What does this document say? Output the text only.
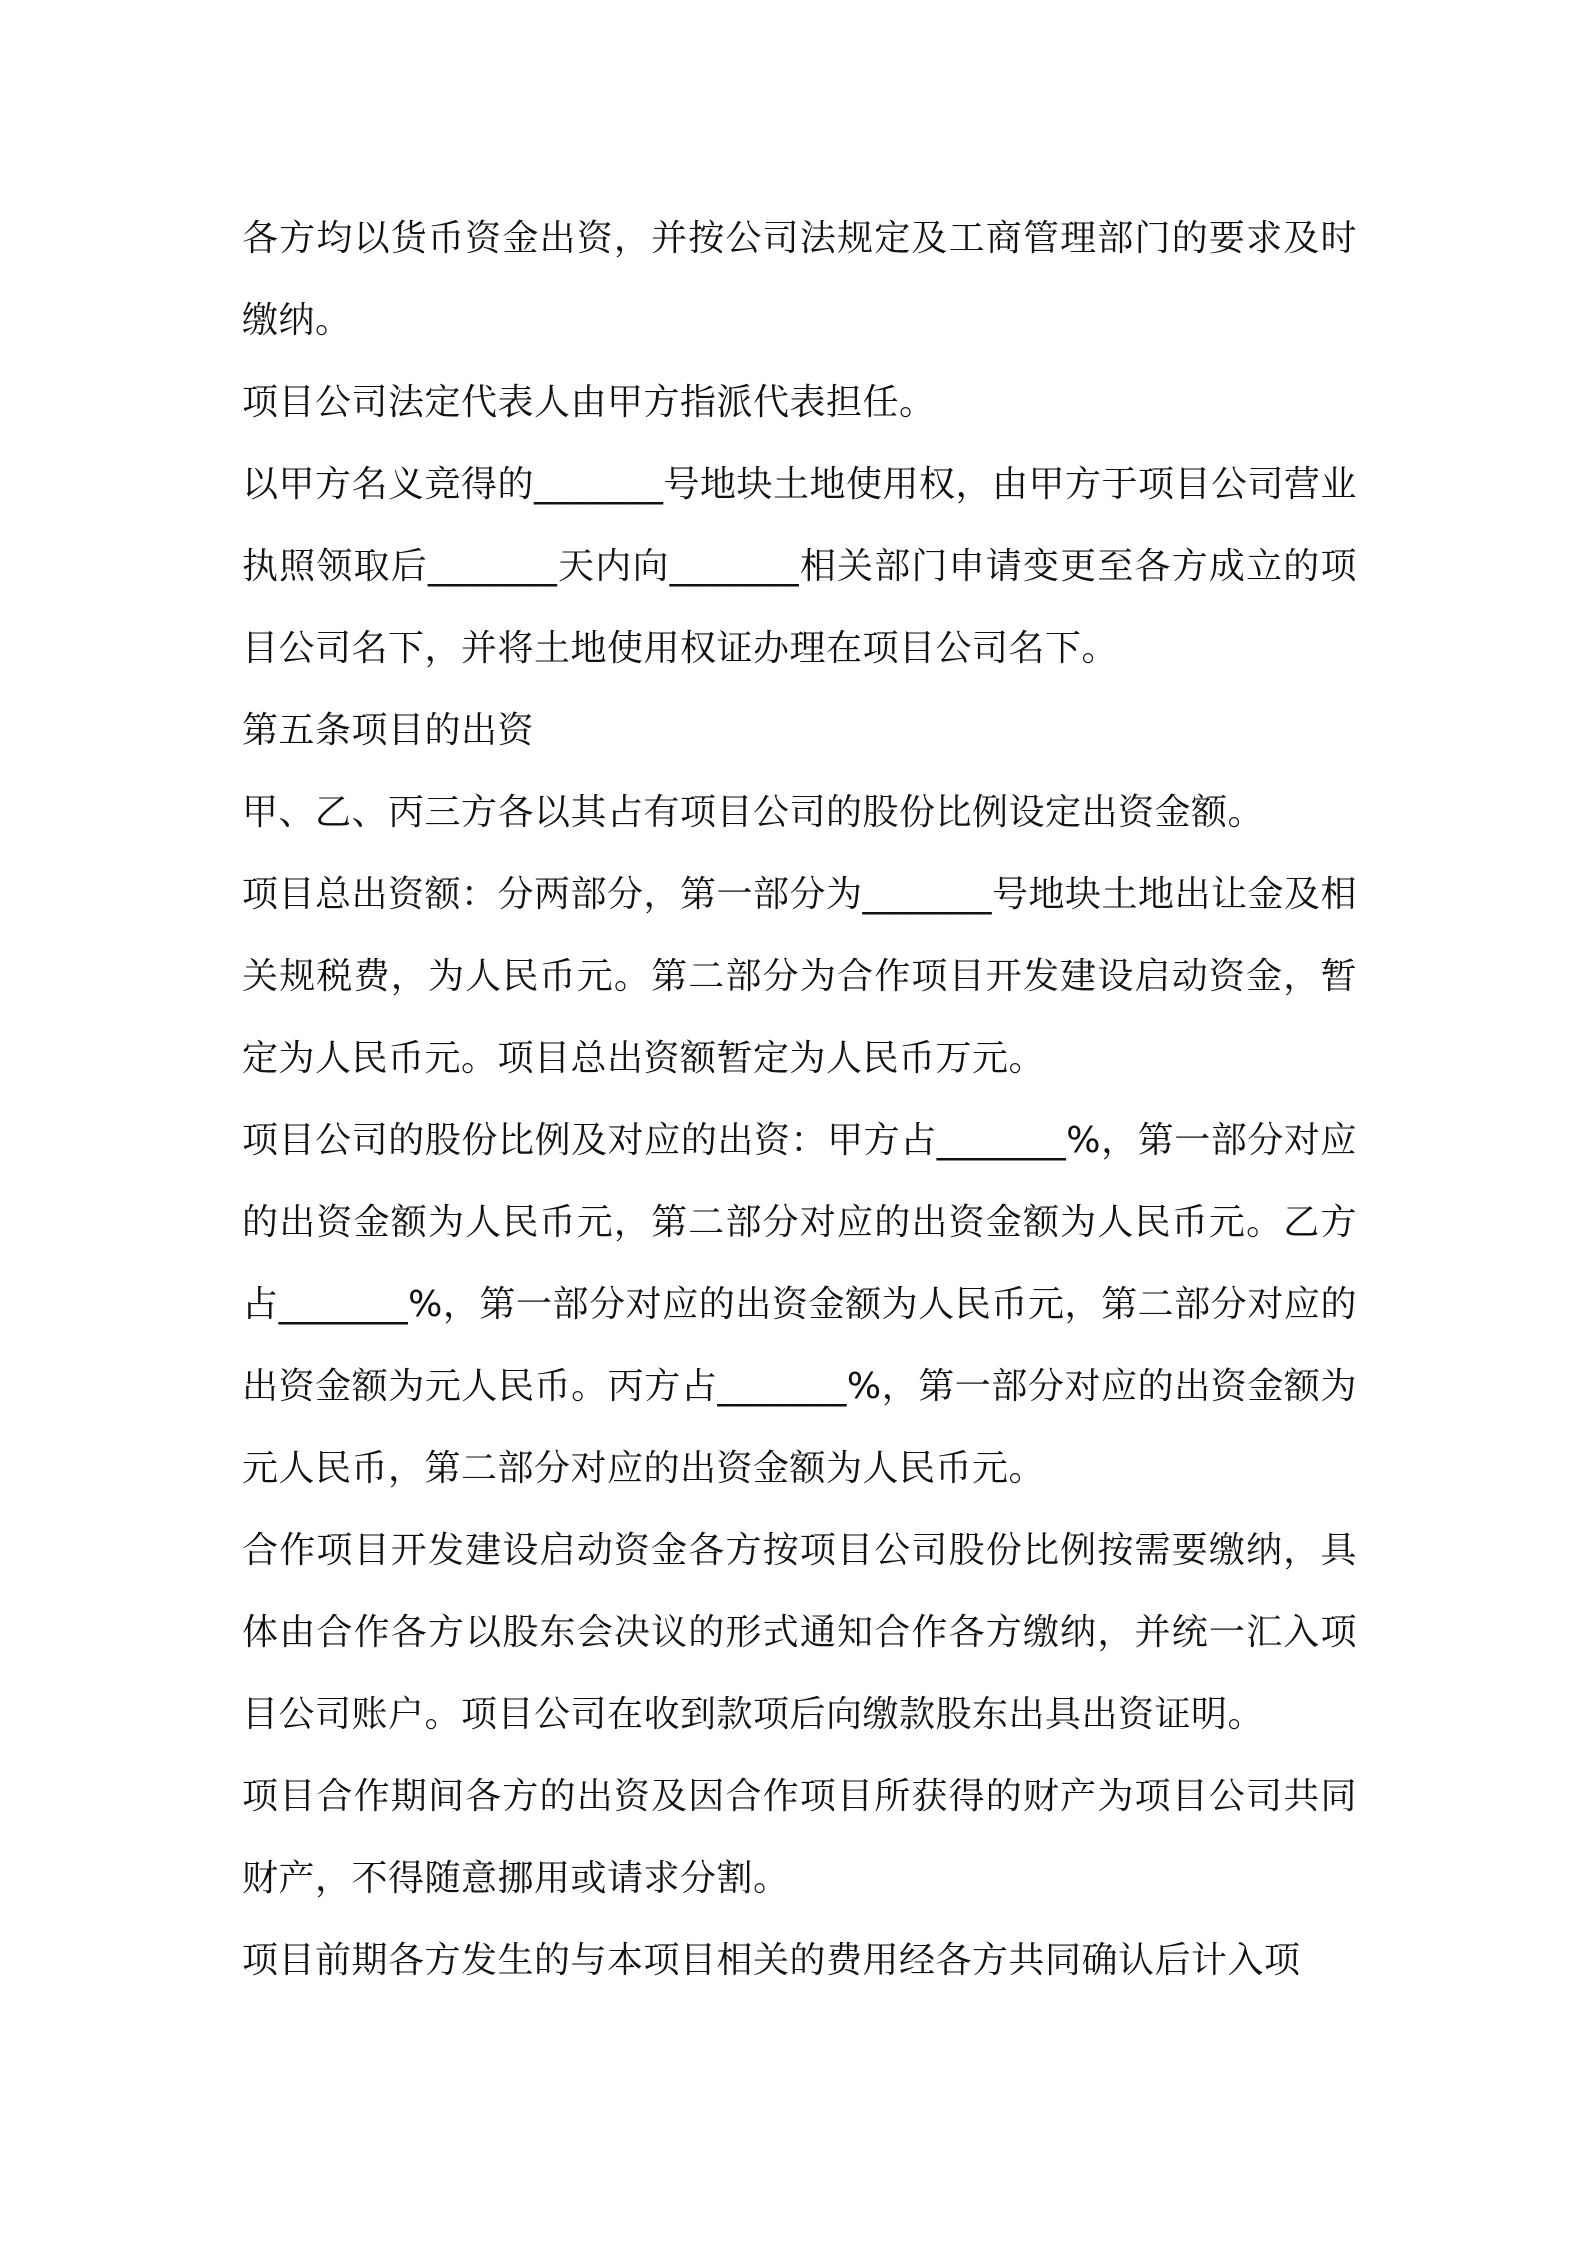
各方均以货币资金出资，并按公司法规定及工商管理部门的要求及时缴纳。

项目公司法定代表人由甲方指派代表担任。

以甲方名义竞得的_______号地块土地使用权，由甲方于项目公司营业执照领取后_______天内向_______相关部门申请变更至各方成立的项目公司名下，并将土地使用权证办理在项目公司名下。

第五条项目的出资

甲、乙、丙三方各以其占有项目公司的股份比例设定出资金额。

项目总出资额：分两部分，第一部分为_______号地块土地出让金及相关规税费，为人民币元。第二部分为合作项目开发建设启动资金，暂定为人民币元。项目总出资额暂定为人民币万元。

项目公司的股份比例及对应的出资：甲方占_______%，第一部分对应的出资金额为人民币元，第二部分对应的出资金额为人民币元。乙方占_______%，第一部分对应的出资金额为人民币元，第二部分对应的出资金额为元人民币。丙方占_______%，第一部分对应的出资金额为元人民币，第二部分对应的出资金额为人民币元。

合作项目开发建设启动资金各方按项目公司股份比例按需要缴纳，具体由合作各方以股东会决议的形式通知合作各方缴纳，并统一汇入项目公司账户。项目公司在收到款项后向缴款股东出具出资证明。

项目合作期间各方的出资及因合作项目所获得的财产为项目公司共同财产，不得随意挪用或请求分割。

项目前期各方发生的与本项目相关的费用经各方共同确认后计入项
